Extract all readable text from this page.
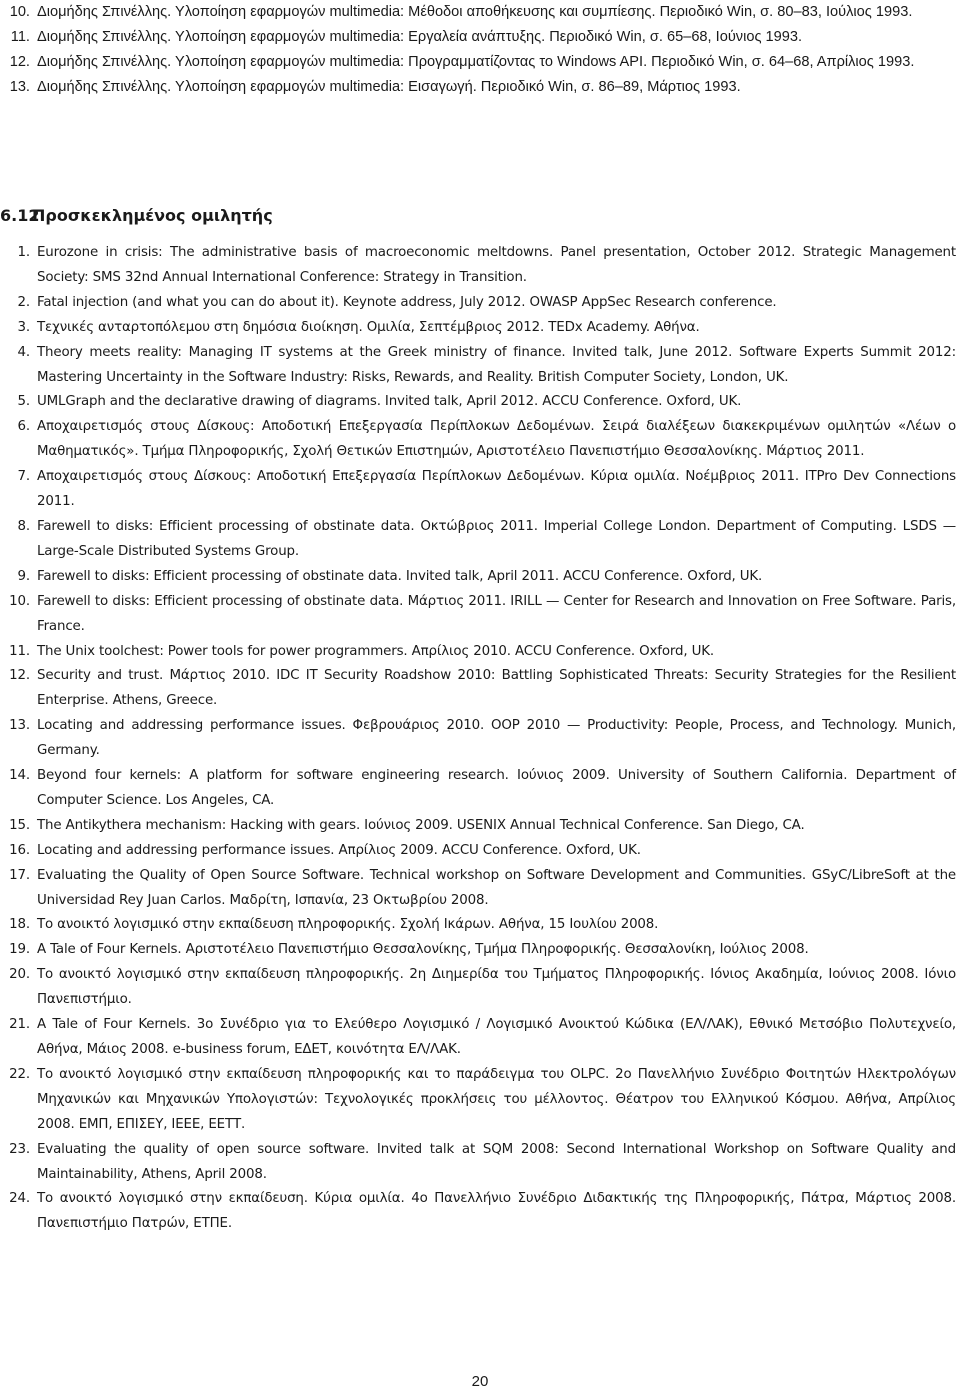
10. Διομήδης Σπινέλλης. Υλοποίηση εφαρμογών multimedia: Μέθοδοι αποθήκευσης και συμπίεσης. Περιοδικό Win, σ. 80–83, Ιούλιος 1993.
11. Διομήδης Σπινέλλης. Υλοποίηση εφαρμογών multimedia: Εργαλεία ανάπτυξης. Περιοδικό Win, σ. 65–68, Ιούνιος 1993.
12. Διομήδης Σπινέλλης. Υλοποίηση εφαρμογών multimedia: Προγραμματίζοντας το Windows API. Περιοδικό Win, σ. 64–68, Απρίλιος 1993.
13. Διομήδης Σπινέλλης. Υλοποίηση εφαρμογών multimedia: Εισαγωγή. Περιοδικό Win, σ. 86–89, Μάρτιος 1993.
6.12Προσκεκλημένος ομιλητής
1. Eurozone in crisis: The administrative basis of macroeconomic meltdowns. Panel presentation, October 2012. Strategic Management Society: SMS 32nd Annual International Conference: Strategy in Transition.
2. Fatal injection (and what you can do about it). Keynote address, July 2012. OWASP AppSec Research conference.
3. Τεχνικές ανταρτοπόλεμου στη δημόσια διοίκηση. Ομιλία, Σεπτέμβριος 2012. TEDx Academy. Αθήνα.
4. Theory meets reality: Managing IT systems at the Greek ministry of finance. Invited talk, June 2012. Software Experts Summit 2012: Mastering Uncertainty in the Software Industry: Risks, Rewards, and Reality. British Computer Society, London, UK.
5. UMLGraph and the declarative drawing of diagrams. Invited talk, April 2012. ACCU Conference. Oxford, UK.
6. Αποχαιρετισμός στους Δίσκους: Αποδοτική Επεξεργασία Περίπλοκων Δεδομένων. Σειρά διαλέξεων διακεκριμένων ομιλητών «Λέων ο Μαθηματικός». Τμήμα Πληροφορικής, Σχολή Θετικών Επιστημών, Αριστοτέλειο Πανεπιστήμιο Θεσσαλονίκης. Μάρτιος 2011.
7. Αποχαιρετισμός στους Δίσκους: Αποδοτική Επεξεργασία Περίπλοκων Δεδομένων. Κύρια ομιλία. Νοέμβριος 2011. ITPro Dev Connections 2011.
8. Farewell to disks: Efficient processing of obstinate data. Οκτώβριος 2011. Imperial College London. Department of Computing. LSDS — Large-Scale Distributed Systems Group.
9. Farewell to disks: Efficient processing of obstinate data. Invited talk, April 2011. ACCU Conference. Oxford, UK.
10. Farewell to disks: Efficient processing of obstinate data. Μάρτιος 2011. IRILL — Center for Research and Innovation on Free Software. Paris, France.
11. The Unix toolchest: Power tools for power programmers. Απρίλιος 2010. ACCU Conference. Oxford, UK.
12. Security and trust. Μάρτιος 2010. IDC IT Security Roadshow 2010: Battling Sophisticated Threats: Security Strategies for the Resilient Enterprise. Athens, Greece.
13. Locating and addressing performance issues. Φεβρουάριος 2010. OOP 2010 — Productivity: People, Process, and Technology. Munich, Germany.
14. Beyond four kernels: A platform for software engineering research. Ιούνιος 2009. University of Southern California. Department of Computer Science. Los Angeles, CA.
15. The Antikythera mechanism: Hacking with gears. Ιούνιος 2009. USENIX Annual Technical Conference. San Diego, CA.
16. Locating and addressing performance issues. Απρίλιος 2009. ACCU Conference. Oxford, UK.
17. Evaluating the Quality of Open Source Software. Technical workshop on Software Development and Communities. GSyC/LibreSoft at the Universidad Rey Juan Carlos. Μαδρίτη, Ισπανία, 23 Οκτωβρίου 2008.
18. Το ανοικτό λογισμικό στην εκπαίδευση πληροφορικής. Σχολή Ικάρων. Αθήνα, 15 Ιουλίου 2008.
19. A Tale of Four Kernels. Αριστοτέλειο Πανεπιστήμιο Θεσσαλονίκης, Τμήμα Πληροφορικής. Θεσσαλονίκη, Ιούλιος 2008.
20. Το ανοικτό λογισμικό στην εκπαίδευση πληροφορικής. 2η Διημερίδα του Τμήματος Πληροφορικής. Ιόνιος Ακαδημία, Ιούνιος 2008. Ιόνιο Πανεπιστήμιο.
21. A Tale of Four Kernels. 3ο Συνέδριο για το Ελεύθερο Λογισμικό / Λογισμικό Ανοικτού Κώδικα (ΕΛ/ΛΑΚ), Εθνικό Μετσόβιο Πολυτεχνείο, Αθήνα, Μάιος 2008. e-business forum, ΕΔΕΤ, κοινότητα ΕΛ/ΛΑΚ.
22. Το ανοικτό λογισμικό στην εκπαίδευση πληροφορικής και το παράδειγμα του OLPC. 2ο Πανελλήνιο Συνέδριο Φοιτητών Ηλεκτρολόγων Μηχανικών και Μηχανικών Υπολογιστών: Τεχνολογικές προκλήσεις του μέλλοντος. Θέατρον του Ελληνικού Κόσμου. Αθήνα, Απρίλιος 2008. ΕΜΠ, ΕΠΙΣΕΥ, IEEE, ΕΕΤΤ.
23. Evaluating the quality of open source software. Invited talk at SQM 2008: Second International Workshop on Software Quality and Maintainability, Athens, April 2008.
24. Το ανοικτό λογισμικό στην εκπαίδευση. Κύρια ομιλία. 4ο Πανελλήνιο Συνέδριο Διδακτικής της Πληροφορικής, Πάτρα, Μάρτιος 2008. Πανεπιστήμιο Πατρών, ΕΤΠΕ.
20
